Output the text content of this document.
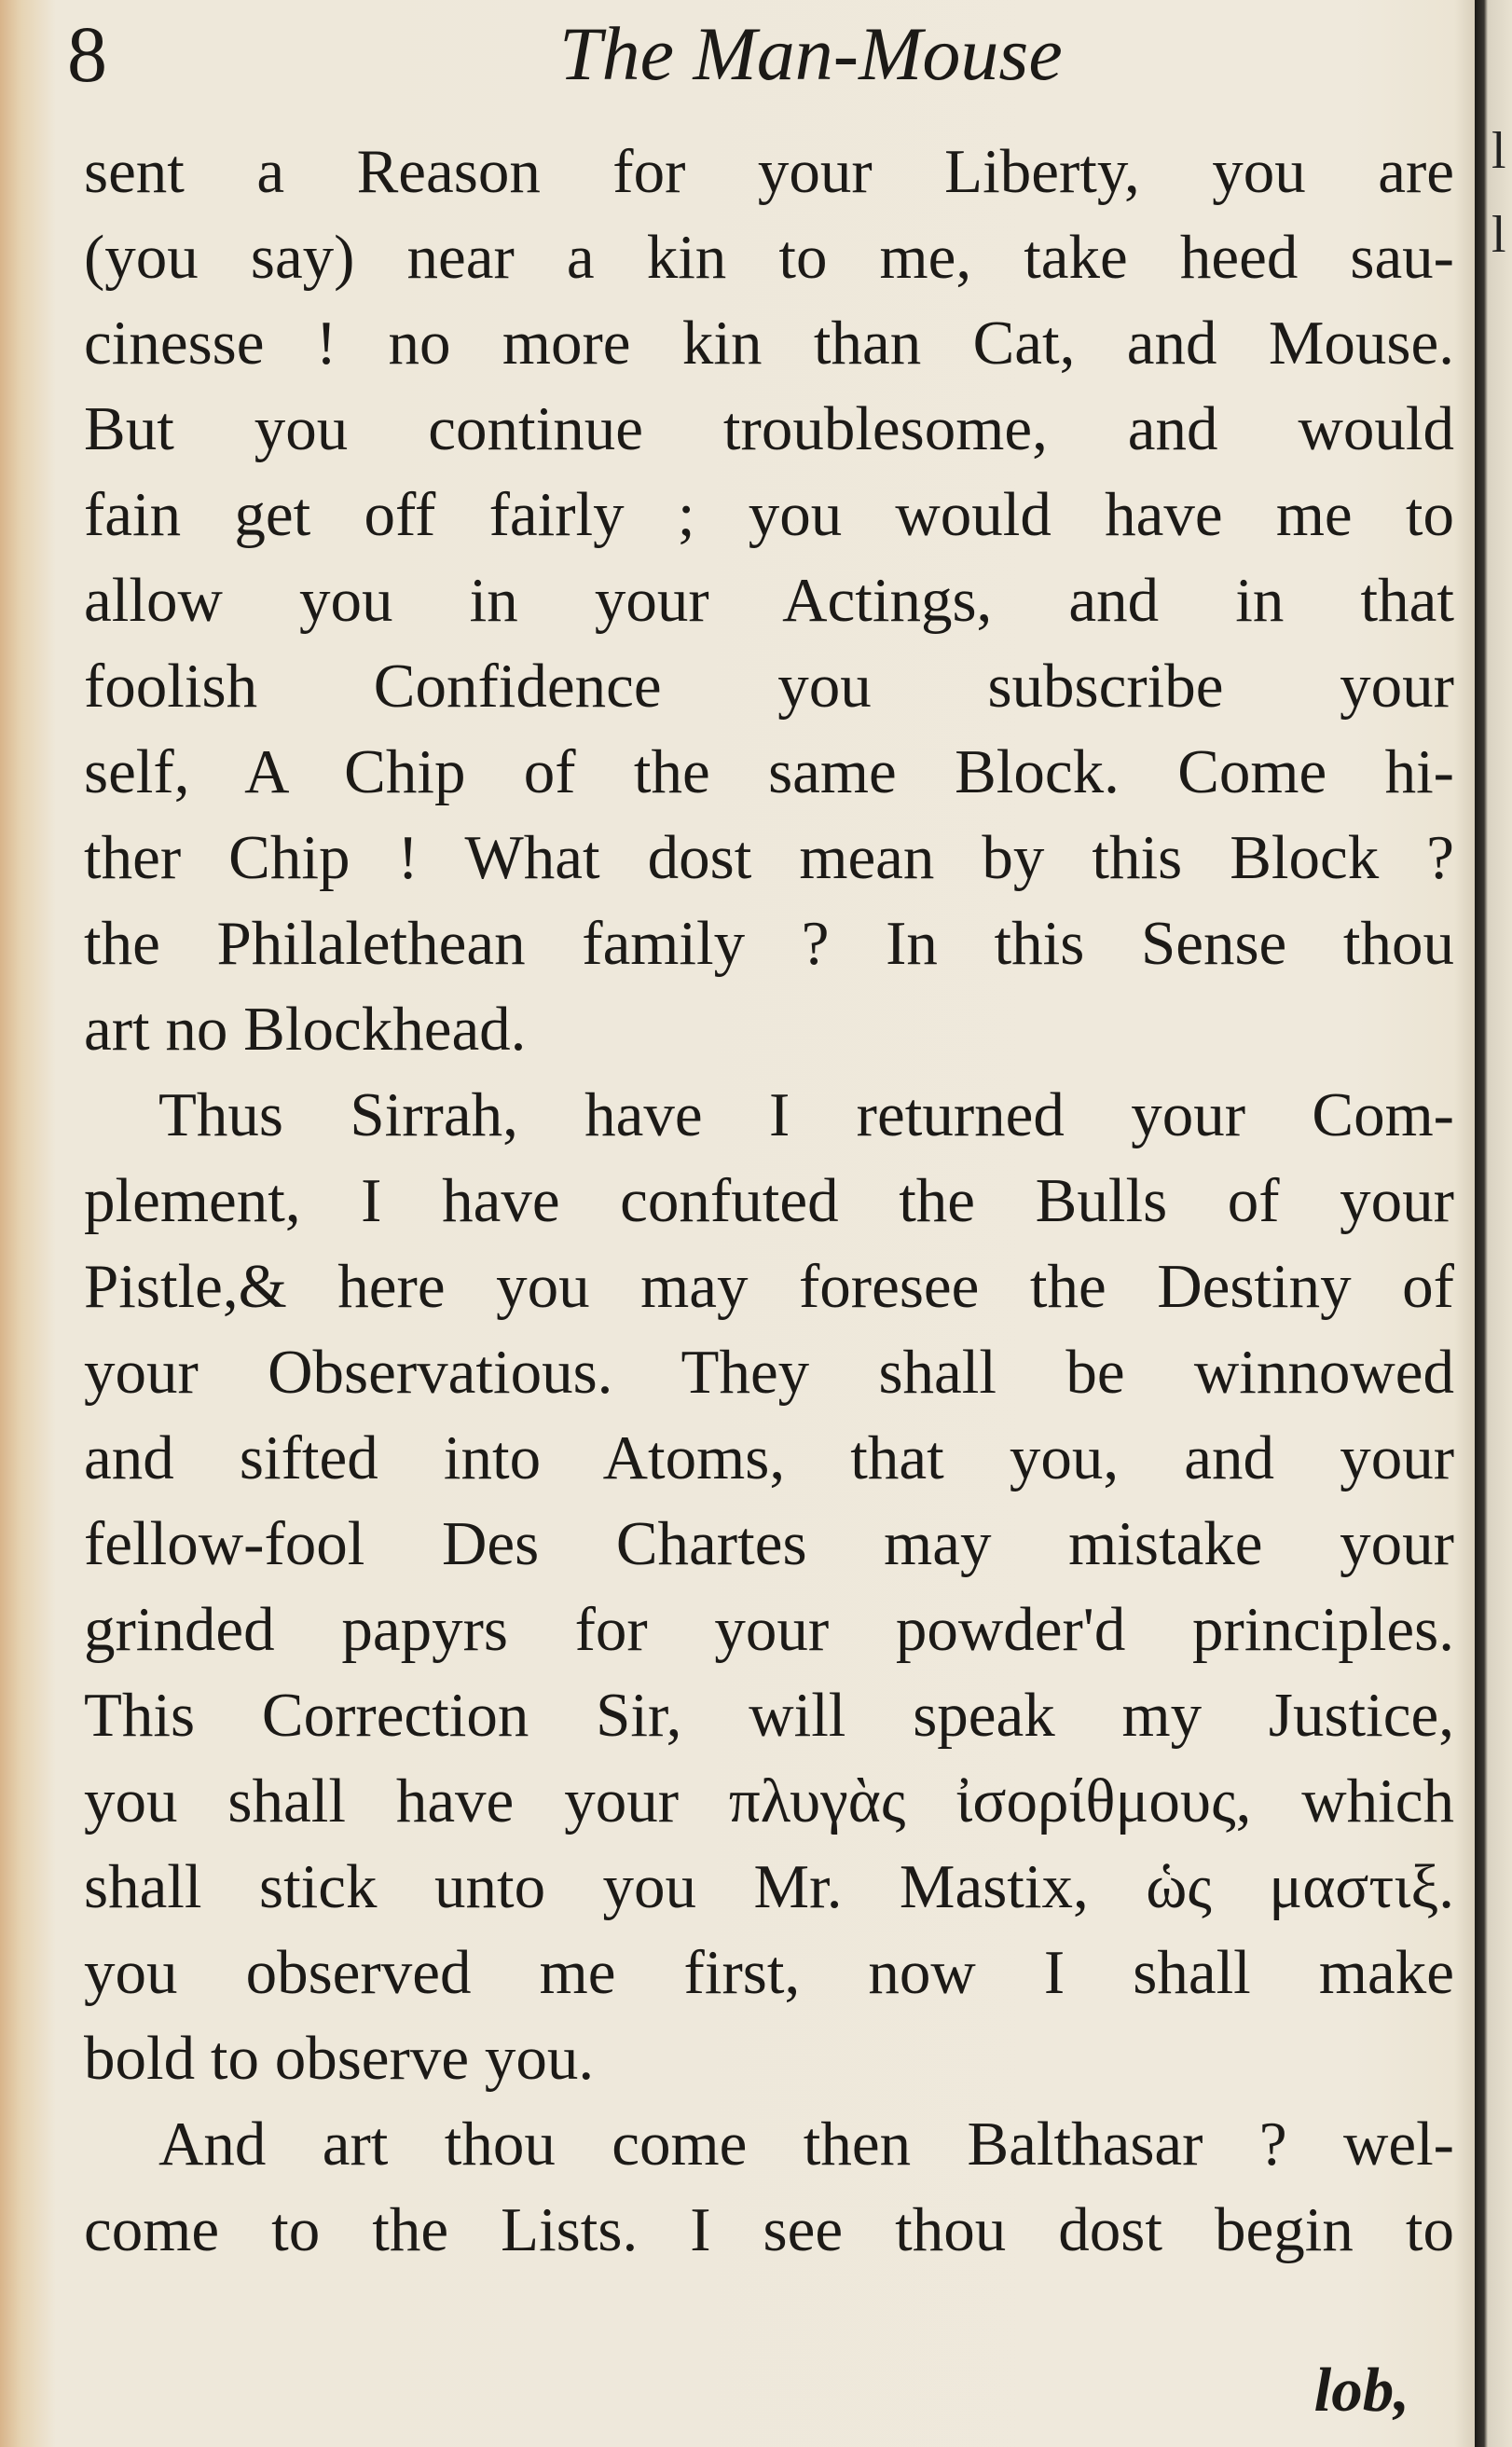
8	The Man-Mouse
sent a Reason for your Liberty, you are
(you say) near a kin to me, take heed sau-
cinesse ! no more kin than Cat, and Mouse.
But you continue troublesome, and would
fain get off fairly ; you would have me to
allow you in your Actings, and in that
foolish Confidence you subscribe your
self, A Chip of the same Block. Come hi-
ther Chip ! What dost mean by this Block ?
the Philalethean family ? In this Sense thou
art no Blockhead.
Thus Sirrah, have I returned your Com-
plement, I have confuted the Bulls of your
Pistle,& here you may foresee the Destiny of
your Observatious. They shall be winnowed
and sifted into Atoms, that you, and your
fellow-fool Des Chartes may mistake your
grinded papyrs for your powder'd principles.
This Correction Sir, will speak my Justice,
you shall have your πλυγὰς ἰσορίθμους, which
shall stick unto you Mr. Mastix, ὡς μαστιξ.
you observed me first, now I shall make
bold to observe you.
And art thou come then Balthasar ? wel-
come to the Lists. I see thou dost begin to
lob,
l
l
